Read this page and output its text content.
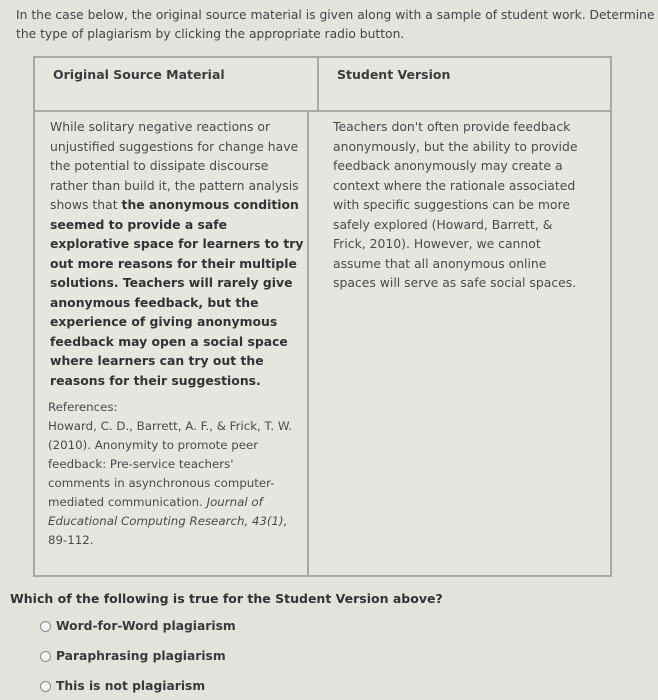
In the case below, the original source material is given along with a sample of student work. Determine the type of plagiarism by clicking the appropriate radio button.
Original Source Material	Student Version
While solitary negative reactions or unjustified suggestions for change have the potential to dissipate discourse rather than build it, the pattern analysis shows that the anonymous condition seemed to provide a safe explorative space for learners to try out more reasons for their multiple solutions. Teachers will rarely give anonymous feedback, but the experience of giving anonymous feedback may open a social space where learners can try out the reasons for their suggestions.
References:
Howard, C. D., Barrett, A. F., & Frick, T. W. (2010). Anonymity to promote peer feedback: Pre-service teachers' comments in asynchronous computer-mediated communication. Journal of Educational Computing Research, 43(1), 89-112.
Teachers don't often provide feedback anonymously, but the ability to provide feedback anonymously may create a context where the rationale associated with specific suggestions can be more safely explored (Howard, Barrett, & Frick, 2010). However, we cannot assume that all anonymous online spaces will serve as safe social spaces.
Which of the following is true for the Student Version above?
Word-for-Word plagiarism
Paraphrasing plagiarism
This is not plagiarism
